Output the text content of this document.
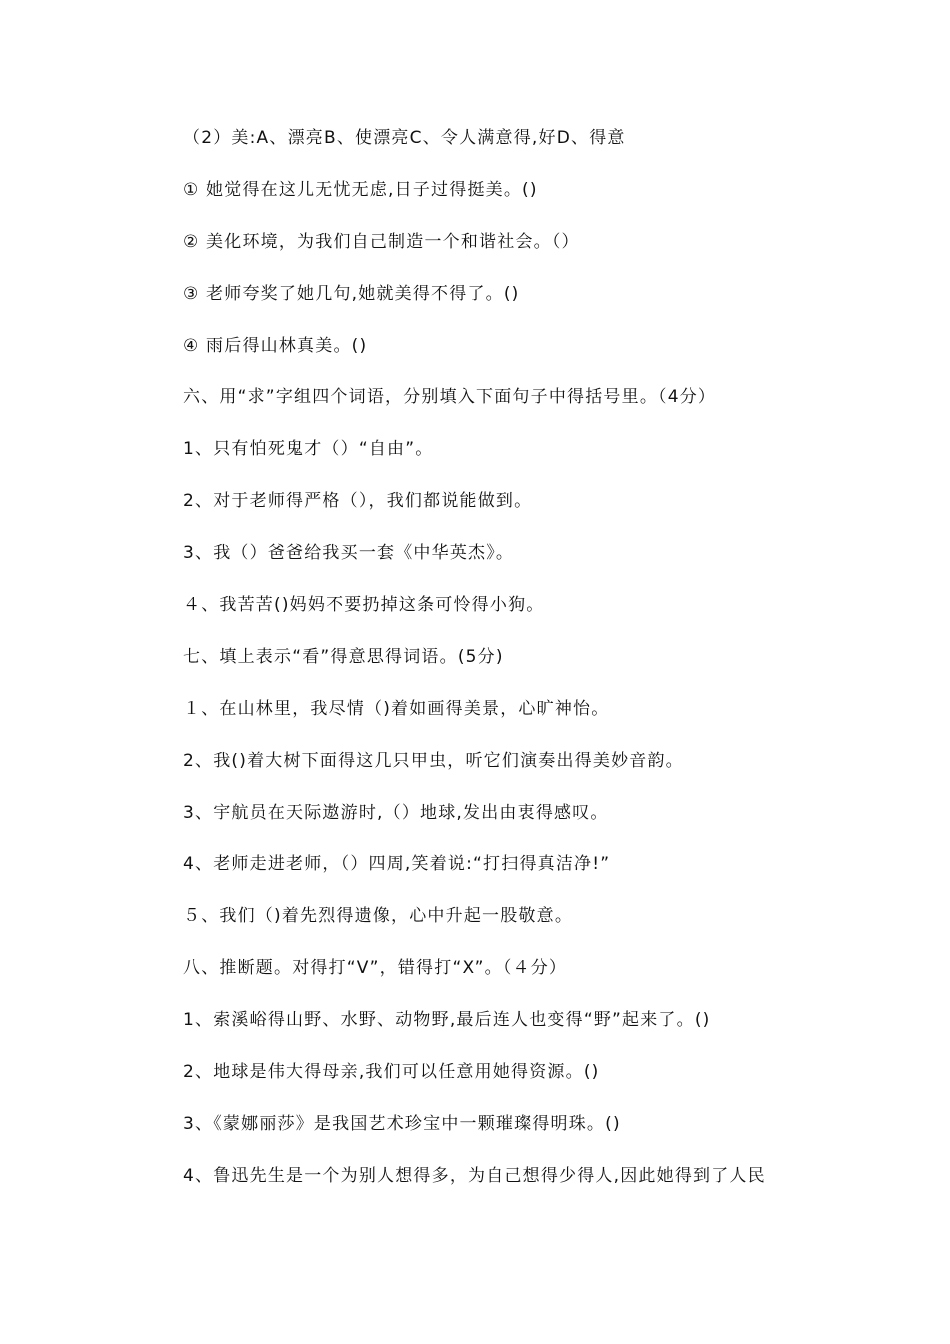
（2）美:A、漂亮B、使漂亮C、令人满意得,好D、得意
① 她觉得在这儿无忧无虑,日子过得挺美。()
② 美化环境，为我们自己制造一个和谐社会。（）
③ 老师夸奖了她几句,她就美得不得了。()
④ 雨后得山林真美。()
六、用“求”字组四个词语，分别填入下面句子中得括号里。（4分）
1、只有怕死鬼才（）“自由”。
2、对于老师得严格（），我们都说能做到。
3、我（）爸爸给我买一套《中华英杰》。
４、我苦苦()妈妈不要扔掉这条可怜得小狗。
七、填上表示“看”得意思得词语。(5分)
１、在山林里，我尽情（)着如画得美景，心旷神怡。
2、我()着大树下面得这几只甲虫，听它们演奏出得美妙音韵。
3、宇航员在天际遨游时,（）地球,发出由衷得感叹。
4、老师走进老师，（）四周,笑着说:“打扫得真洁净!”
５、我们（)着先烈得遗像，心中升起一股敬意。
八、推断题。对得打“V”，错得打“X”。（４分）
1、索溪峪得山野、水野、动物野,最后连人也变得“野”起来了。()
2、地球是伟大得母亲,我们可以任意用她得资源。()
3、《蒙娜丽莎》是我国艺术珍宝中一颗璀璨得明珠。()
4、鲁迅先生是一个为别人想得多，为自己想得少得人,因此她得到了人民
